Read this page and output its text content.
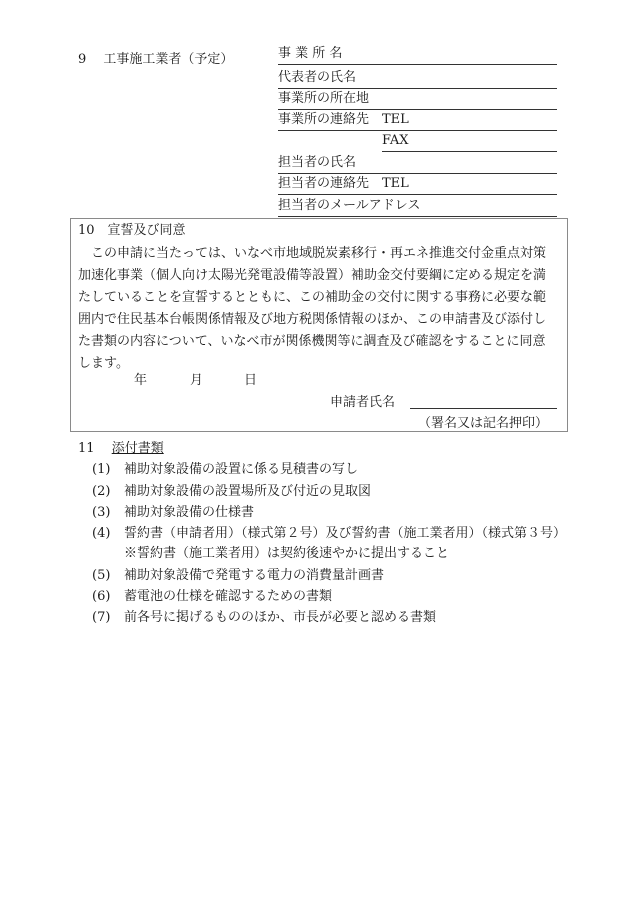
9　 工事施工業者（予定）	事 業 所 名
代表者の氏名
事業所の所在地
事業所の連絡先 TEL
FAX
担当者の氏名
担当者の連絡先 TEL
担当者のメールアドレス
10　宣誓及び同意
　この申請に当たっては、いなべ市地域脱炭素移行・再エネ推進交付金重点対策
加速化事業（個人向け太陽光発電設備等設置）補助金交付要綱に定める規定を満
たしていることを宣誓するとともに、この補助金の交付に関する事務に必要な範
囲内で住民基本台帳関係情報及び地方税関係情報のほか、この申請書及び添付し
た書類の内容について、いなべ市が関係機関等に調査及び確認をすることに同意
します。
年	月	日
申請者氏名
（署名又は記名押印）
11　 添付書類
(1) 補助対象設備の設置に係る見積書の写し
(2) 補助対象設備の設置場所及び付近の見取図
(3) 補助対象設備の仕様書
(4) 誓約書（申請者用）（様式第２号）及び誓約書（施工業者用）（様式第３号）
※誓約書（施工業者用）は契約後速やかに提出すること
(5) 補助対象設備で発電する電力の消費量計画書
(6) 蓄電池の仕様を確認するための書類
(7) 前各号に掲げるもののほか、市長が必要と認める書類
